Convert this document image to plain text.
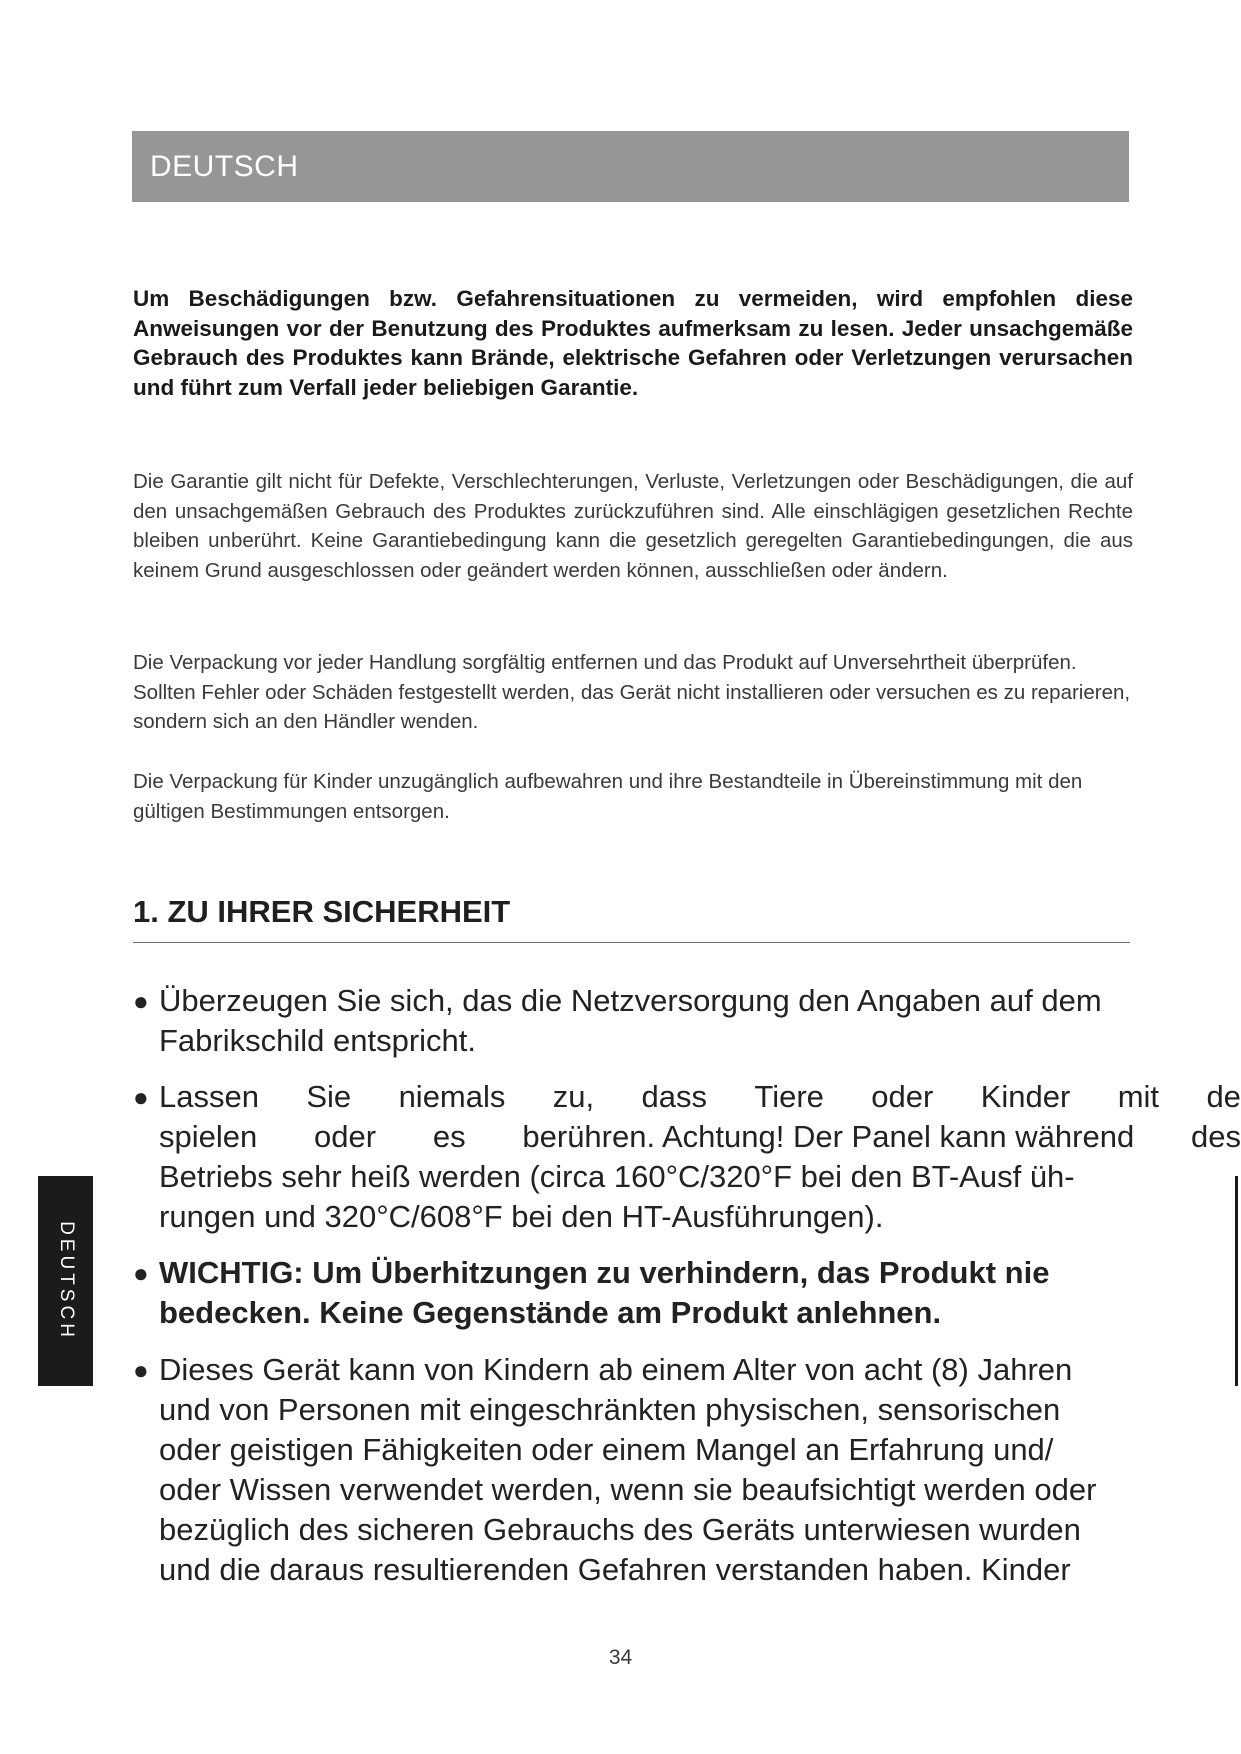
DEUTSCH

Um Beschädigungen bzw. Gefahrensituationen zu vermeiden, wird empfohlen diese Anweisungen vor der Benutzung des Produktes aufmerksam zu lesen. Jeder unsachgemäße Gebrauch des Produktes kann Brände, elektrische Gefahren oder Verletzungen verursachen und führt zum Verfall jeder beliebigen Garantie.

Die Garantie gilt nicht für Defekte, Verschlechterungen, Verluste, Verletzungen oder Beschädigungen, die auf den unsachgemäßen Gebrauch des Produktes zurückzuführen sind. Alle einschlägigen gesetzlichen Rechte bleiben unberührt. Keine Garantiebedingung kann die gesetzlich geregelten Garantiebedingungen, die aus keinem Grund ausgeschlossen oder geändert werden können, ausschließen oder ändern.

Die Verpackung vor jeder Handlung sorgfältig entfernen und das Produkt auf Unversehrtheit überprüfen. Sollten Fehler oder Schäden festgestellt werden, das Gerät nicht installieren oder versuchen es zu reparieren, sondern sich an den Händler wenden.

Die Verpackung für Kinder unzugänglich aufbewahren und ihre Bestandteile in Übereinstimmung mit den gültigen Bestimmungen entsorgen.

1. ZU IHRER SICHERHEIT
● Überzeugen Sie sich, das die Netzversorgung den Angaben auf dem
Fabrikschild entspricht.
● Lassen Sie niemals zu, dass Tiere oder Kinder mit de
spielen oder es berühren. Achtung! Der Panel kann während des
Betriebs sehr heiß werden (circa 160°C/320°F bei den BT-Ausf üh-
rungen und 320°C/608°F bei den HT-Ausführungen).
● WICHTIG: Um Überhitzungen zu verhindern, das Produkt nie
bedecken. Keine Gegenstände am Produkt anlehnen.
● Dieses Gerät kann von Kindern ab einem Alter von acht (8) Jahren
und von Personen mit eingeschränkten physischen, sensorischen
oder geistigen Fähigkeiten oder einem Mangel an Erfahrung und/
oder Wissen verwendet werden, wenn sie beaufsichtigt werden oder
bezüglich des sicheren Gebrauchs des Geräts unterwiesen wurden
und die daraus resultierenden Gefahren verstanden haben. Kinder
DEUTSCH
34
